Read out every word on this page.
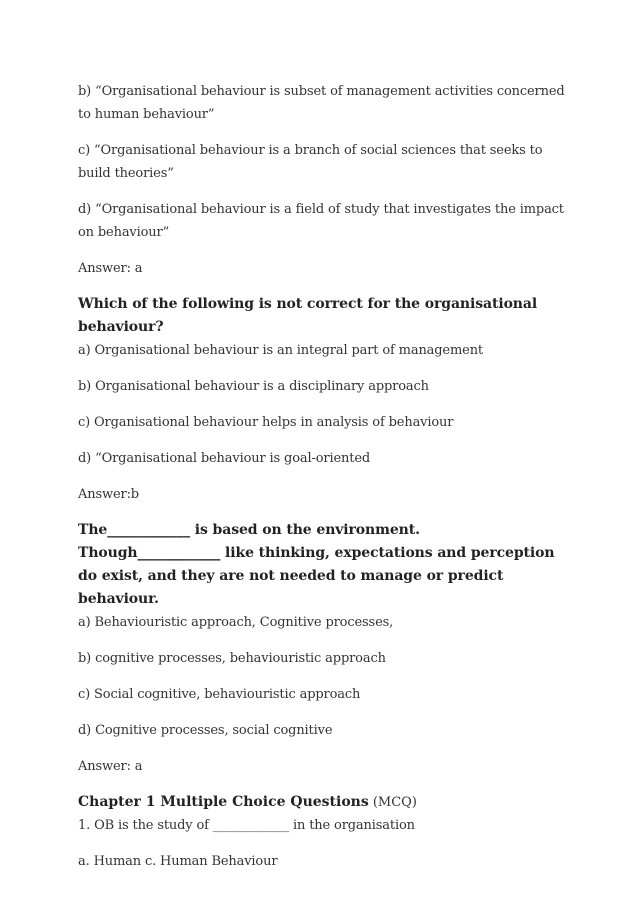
b) “Organisational behaviour is subset of management activities concerned to human behaviour”

c) “Organisational behaviour is a branch of social sciences that seeks to build theories”

d) “Organisational behaviour is a field of study that investigates the impact on behaviour”

Answer: a

Which of the following is not correct for the organisational behaviour?

a) Organisational behaviour is an integral part of management

b) Organisational behaviour is a disciplinary approach

c) Organisational behaviour helps in analysis of behaviour

d) “Organisational behaviour is goal-oriented

Answer:b

The____________ is based on the environment.

Though____________ like thinking, expectations and perception do exist, and they are not needed to manage or predict behaviour.

a) Behaviouristic approach, Cognitive processes,

b) cognitive processes, behaviouristic approach

c) Social cognitive, behaviouristic approach

d) Cognitive processes, social cognitive

Answer: a

Chapter 1 Multiple Choice Questions (MCQ)

1. OB is the study of ____________ in the organisation

a. Human c. Human Behaviour
